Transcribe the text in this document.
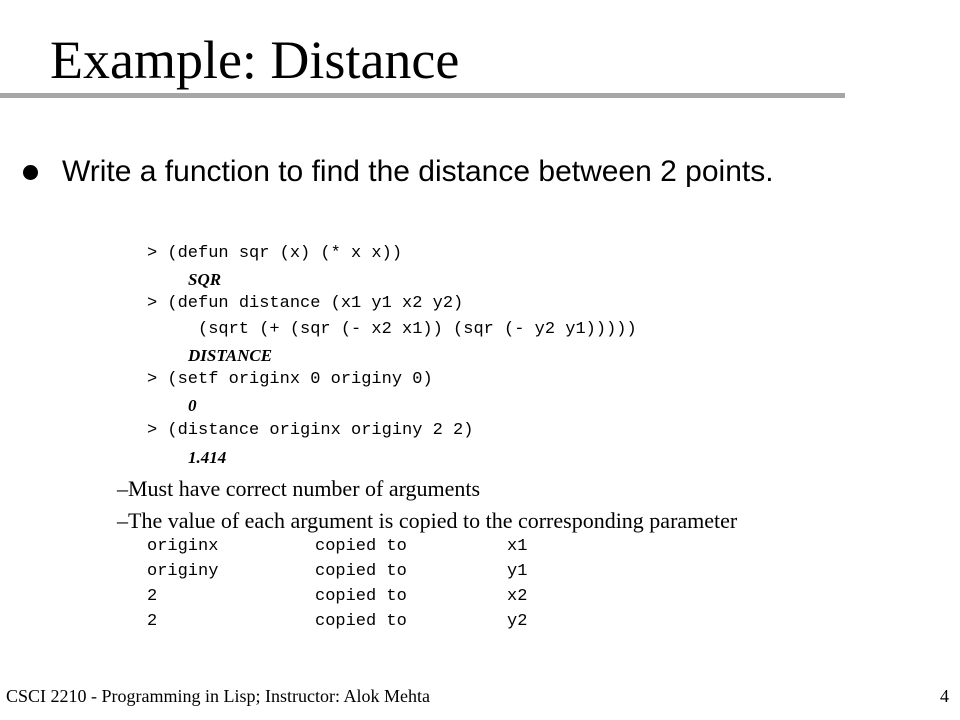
Example: Distance
Write a function to find the distance between 2 points.
> (defun sqr (x) (* x x))
SQR
> (defun distance (x1 y1 x2 y2)
(sqrt (+ (sqr (- x2 x1)) (sqr (- y2 y1)))))
DISTANCE
> (setf originx 0 originy 0)
0
> (distance originx originy 2 2)
1.414
–Must have correct number of arguments
–The value of each argument is copied to the corresponding parameter
originx	copied to	x1
originy	copied to	y1
2	copied to	x2
2	copied to	y2
CSCI 2210 - Programming in Lisp; Instructor: Alok Mehta	4
